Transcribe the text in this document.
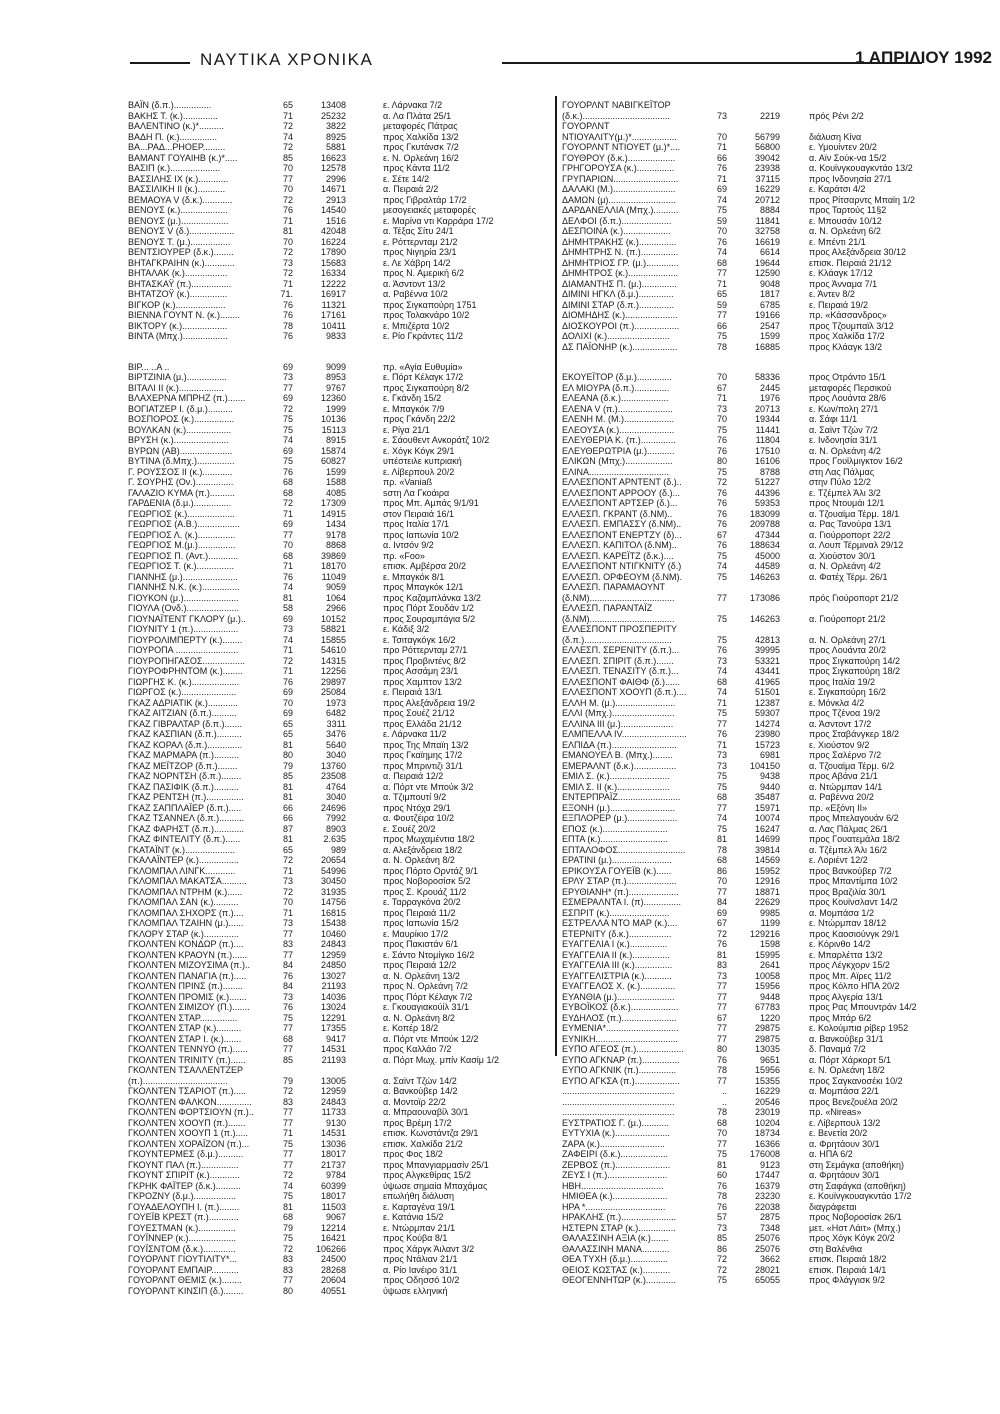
ΝΑΥΤΙΚΑ ΧΡΟΝΙΚΑ	1 ΑΠΡΙΛΙΟΥ 1992
ΒΑΪΝ (δ.π.)...............	65	13408	ε. Λάρνακα 7/2
ΒΑΚΗΣ Τ. (κ.)..............	71	25232	α. Λα Πλάτα 25/1
ΒΑΛΕΝΤΙΝΟ (κ.)*..........	72	3822	μεταφορές Πάτρας
ΒΑΔΗ Π. (κ.)...............	74	8925	προς Χαλκίδα 13/2
ΒΑ...ΡΑΔ...ΡΗΟΕΡ.........	72	5881	προς Γκυτάνσκ 7/2
ΒΑΜΑΝΤ ΓΟΥΑΙΗΒ (κ.)*.....	85	16623	ε. Ν. Ορλεάνη 16/2
ΒΑΣΙΠ (κ.)....................	70	12578	προς Κάντα 11/2
ΒΑΣΣΙΛΗΣ ΙΧ (κ.)............	77	2996	ε. Σέτε 14/2
ΒΑΣΣΙΛΙΚΗ ΙΙ (κ.)...........	70	14671	α. Πειραιά 2/2
ΒΕΜΑΟΥΑ V (δ.κ.)............	72	2913	προς Γιβραλτάρ 17/2
ΒΕΝΟΥΣ (κ.)...................	76	14540	μεσογειακές μεταφορές
ΒΕΝΟΥΣ (μ.)...................	71	1516	ε. Μαρίνα ντι Καρράρα 17/2
ΒΕΝΟΥΣ V (δ.)..................	81	42048	α. Τέξας Σίτυ 24/1
ΒΕΝΟΥΣ Τ. (μ.)................	70	16224	ε. Ρόττερνταμ 21/2
ΒΕΝΤΣΙΟΥΡΕΡ (δ.κ.)........	72	17890	προς Νιγηρία 23/1
ΒΗΤΑΓΚΡΑΙΗΝ (κ.)............	73	15683	ε. Λε Χάβρη 14/2
ΒΗΤΑΛΑΚ (κ.).................	72	16334	προς Ν. Αμερική 6/2
ΒΗΤΑΣΚΑΫ (π.)................	71	12222	α. Άσντοντ 13/2
ΒΗΤΑΤΖΟΫ (κ.)...............	71.	16917	α. Ραβέννα 10/2
ΒΙΓΚΟΡ (κ.)....................	76	11321	προς Σιγκαπούρη 1751
ΒΙΕΝΝΑ ΓΟΥΝΤ Ν. (κ.)........	76	17161	προς Τολακνάρο 10/2
ΒΙΚΤΟΡΥ (κ.)..................	78	10411	ε. Μπιζέρτα 10/2
ΒΙΝΤΑ (Μπχ.)..................	76	9833	ε. Ρίο Γκράντες 11/2
ΒΙΡ... ..Α ..	69	9099	πρ. «Αγία Ευθυμία»
ΒΙΡΤΖΙΝΙΑ (μ.)................	73	8953	ε. Πόρτ Κέλαγκ 17/2
ΒΙΤΑΛΙ ΙΙ (κ.)..................	77	9767	προς Σιγκαπούρη 8/2
ΒΛΑΧΕΡΝΑ ΜΠΡΗΖ (π.).......	69	12360	ε. Γκάνδη 15/2
ΒΟΓΙΑΤΖΕΡ Ι. (δ.μ.)..........	72	1999	ε. Μπαγκόκ 7/9
ΒΟΣΠΟΡΟΣ (κ.)................	75	10136	προς Γκάνδη 22/2
ΒΟΥΛΚΑΝ (κ.)..................	75	15113	ε. Ρίγα 21/1
ΒΡΥΣΗ (κ.)......................	74	8915	ε. Σάουθεντ Ανκοράτζ 10/2
ΒΥΡΩΝ (ΑΒ).....................	69	15874	ε. Χόγκ Κόγκ 29/1
ΒΥΤΙΝΑ (δ.Μπχ.)...............	75	60827	υπέστειλε κυπριακή
Γ. ΡΟΥΣΣΟΣ ΙΙ (κ.)............	76	1599	ε. Λίβερπουλ 20/2
Γ. ΣΟΥΡΗΣ (Ον.)...............	68	1588	πρ. «Vaniaß
ΓΑΛΑΖΙΟ ΚΥΜΑ (π.)..........	68	4085	sστη Λα Γκοάιρα
ΓΑΡΔΕΝΙΑ (δ.μ.)...............	72	17309	προς Μπ. Αμπάς 9/1/91
ΓΕΩΡΓΙΟΣ (κ.)...................	71	14915	στον Πειραιά 16/1
ΓΕΩΡΓΙΟΣ (Α.Β.).................	69	1434	προς Ιταλία 17/1
ΓΕΩΡΓΙΟΣ Λ. (κ.)...............	77	9178	προς Ιαπωνία 10/2
ΓΕΩΡΓΙΟΣ Μ.(μ.)...............	70	8868	α. Ιντσόν 9/2
ΓΕΩΡΓΙΟΣ Π. (Αντ.)............	68	39869	πρ. «Foo»
ΓΕΩΡΓΙΟΣ Τ. (κ.)...............	71	18170	επισκ. Αμβέρσα 20/2
ΓΙΑΝΝΗΣ (μ.)......................	76	11049	ε. Μπαγκόκ 8/1
ΓΙΑΝΝΗΣ Ν.Κ. (κ.)...............	74	9059	προς Μπαγκόκ 12/1
ΓΙΟΥΚΟΝ (μ.)......................	81	1064	προς Καζαμπλάνκα 13/2
ΓΙΟΥΛΑ (Ονδ.).....................	58	2966	προς Πόρτ Σουδάν 1/2
ΓΙΟΥΝΑΪΤΕΝΤ ΓΚΛΟΡΥ (μ.)..	69	10152	προς Σουραμπάγια 5/2
ΓΙΟΥΝΙΤΥ 1 (π.)..................	73	58821	ε. Κάδιξ 3/2
ΓΙΟΥΡΟΛΙΜΠΕΡΤΥ (κ.)........	74	15855	ε. Τσιταγκόγκ 16/2
ΓΙΟΥΡΟΠΑ .........................	71	54610	προ Ρόττερνταμ 27/1
ΓΙΟΥΡΟΠΗΓΑΣΟΣ.................	72	14315	προς Προβιντένς 8/2
ΓΙΟΥΡΟΦΡΗΝΤΟΜ (κ.)........	71	12256	προς Ασσάμη 23/1
ΓΙΩΡΓΗΣ Κ. (κ.)...................	76	29897	προς Χαμπτον 13/2
ΓΙΩΡΓΟΣ (κ.)......................	69	25084	ε. Πειραιά 13/1
ΓΚΑΖ ΑΔΡΙΑΤΙΚ (κ.)............	70	1973	προς Αλεξάνδρεια 19/2
ΓΚΑΖ ΑΙΤΖΙΑΝ (δ.π.)..........	69	6482	προς Σουέζ 21/12
ΓΚΑΖ ΓΙΒΡΑΛΤΑΡ (δ.π.).......	65	3311	προς Ελλάδα 21/12
ΓΚΑΖ ΚΑΣΠΙΑΝ (δ.π.)..........	65	3476	ε. Λάρνακα 11/2
ΓΚΑΖ ΚΟΡΑΛ (δ.π.)..............	81	5640	προς Της Μπαϊη 13/2
ΓΚΑΖ ΜΑΡΜΑΡΑ (π.)..........	80	3040	προς Γκαϊημης 17/2
ΓΚΑΖ ΜΕΪΤΖΟΡ (δ.π.)........	79	13760	προς Μπριντιζι 31/1
ΓΚΑΖ ΝΟΡΝΤΣΗ (δ.π.)........	85	23508	α. Πειραιά 12/2
ΓΚΑΖ ΠΑΣΙΦΙΚ (δ.π.)..........	81	4764	α. Πόρτ ντε Μπούκ 3/2
ΓΚΑΖ ΡΕΝΤΣΗ (π.)...............	81	3040	α. Τζιμπουτί 9/2
ΓΚΑΖ ΣΑΠΠΛΑΪΕΡ (δ.π.).....	66	24696	προς Ντόχα 29/1
ΓΚΑΖ ΤΣΑΝΝΕΛ (δ.π.)..........	66	7992	α. Φουτζέιρα 10/2
ΓΚΑΖ ΦΑΡΗΣΤ (δ.π.)............	87	8903	ε. Σουέζ 20/2
ΓΚΑΖ ΦΙΝΤΕΛΙΤΥ (δ.π.)......	81	2.635	προς Μωχαμέντια 18/2
ΓΚΑΤΑΪΝΤ (κ.)....................	65	989	α. Αλεξάνδρεια 18/2
ΓΚΑΛΑΪΝΤΕΡ (κ.)................	72	20654	α. Ν. Ορλεάνη 8/2
ΓΚΛΟΜΠΑΛ ΛΙΝΓΚ............	71	54996	προς Πόρτο Ορντάζ 9/1
ΓΚΛΟΜΠΑΛ ΜΑΚΑΤΣΑ..........	73	30450	προς Νοβοροσίσκ 5/2
ΓΚΛΟΜΠΑΛ ΝΤΡΗΜ (κ.)......	72	31935	προς Σ. Κρουάζ 11/2
ΓΚΛΟΜΠΑΛ ΣΑΝ (κ.)..........	70	14756	ε. Ταρραγκόνα 20/2
ΓΚΛΟΜΠΑΛ ΣΗΧΟΡΣ (π.)....	71	16815	προς Πειραιά 11/2
ΓΚΛΟΜΠΑΛ ΤΖΑΙΗΝ (μ.)......	73	15438	προς Ιαπωνία 15/2
ΓΚΛΟΡΥ ΣΤΑΡ (κ.)..............	77	10460	ε. Μαυρίκιο 17/2
ΓΚΟΛΝΤΕΝ ΚΟΝΔΩΡ (π.)....	83	24843	προς Πακιστάν 6/1
ΓΚΟΛΝΤΕΝ ΚΡΑΟΥΝ (π.)......	77	12959	ε. Σάντο Ντομίγκο 16/2
ΓΚΟΛΝΤΕΝ ΜΙΖΟΥΣΙΜΑ (π.)..	84	24850	προς Πειραιά 12/2
ΓΚΟΛΝΤΕΝ ΠΑΝΑΓΙΑ (π.).....	76	13027	α. Ν. Ορλεάνη 13/2
ΓΚΟΛΝΤΕΝ ΠΡΙΝΣ (π.)........	84	21193	προς Ν. Ορλεάνη 7/2
ΓΚΟΛΝΤΕΝ ΠΡΟΜΙΣ (κ.).......	73	14036	προς Πόρτ Κέλαγκ 7/2
ΓΚΟΛΝΤΕΝ ΣΙΜΙΖΟΥ (Π.).......	76	13024	ε. Γκουαγιακούίλ 31/1
ΓΚΟΛΝΤΕΝ ΣΤΑΡ...............	75	12291	α. Ν. Ορλεάνη 8/2
ΓΚΟΛΝΤΕΝ ΣΤΑΡ (κ.)..........	77	17355	ε. Κοπέρ 18/2
ΓΚΟΛΝΤΕΝ ΣΤΑΡ Ι. (κ.).......	68	9417	α. Πόρτ ντε Μπούκ 12/2
ΓΚΟΛΝΤΕΝ ΤΕΝΝΥΟ (π.)......	77	14531	προς Καλλάο 7/2
ΓΚΟΛΝΤΕΝ TRINITY (π.)......	85	21193	α. Πόρτ Μωχ. μπίν Κασίμ 1/2
ΓΚΟΛΝΤΕΝ ΤΣΑΛΛΕΝΤΖΕΡ
(π.)..................................	79	13005	α. Σαϊντ Τζών 14/2
ΓΚΟΛΝΤΕΝ ΤΣΑΡΙΟΤ (π.).....	72	12959	α. Βανκούβερ 14/2
ΓΚΟΛΝΤΕΝ ΦΑΛΚΟΝ..............	83	24843	α. Μοντοϊρ 22/2
ΓΚΟΛΝΤΕΝ ΦΟΡΤΣΙΟΥΝ (π.)..	77	11733	α. Μπραουναβίλ 30/1
ΓΚΟΛΝΤΕΝ ΧΟΟΥΠ (π.).......	77	9130	προς Βρέμη 17/2
ΓΚΟΛΝΤΕΝ ΧΟΟΥΠ 1 (π.).....	71	14531	επισκ. Κωνστάντζα 29/1
ΓΚΟΛΝΤΕΝ ΧΟΡΑΪΖΟΝ (π.)...	75	13036	επισκ. Χαλκίδα 21/2
ΓΚΟΥΝΤΕΡΜΕΣ (δ.μ.)..........	77	18017	προς Φος 18/2
ΓΚΟΥΝΤ ΠΑΛ (π.)...............	77	21737	προς Μπανγιαρμασίν 25/1
ΓΚΟΥΝΤ ΣΠΙΡΙΤ (κ.)............	72	9784	προς Αλγκεθίρας 15/2
ΓΚΡΗΚ ΦΑΪΤΕΡ (δ.κ.)..........	74	60399	ύψωσε σημαία Μπαχάμας
ΓΚΡΟΖΝΥ (δ.μ.).................	75	18017	επωλήθη διάλυση
ΓΟΥΑΔΕΛΟΥΠΗ Ι. (π.)........	81	11503	ε. Καρταγένα 19/1
ΓΟΥΕΪΒ ΚΡΕΣΤ (π.)............	68	9067	ε. Κατάνια 15/2
ΓΟΥΕΣΤΜΑΝ (κ.)...............	79	12214	ε. Ντώρμπαν 21/1
ΓΟΥΪΝΝΕΡ (κ.)...................	75	16421	προς Κούβα 8/1
ΓΟΥΪΣΝΤΟΜ (δ.κ.).............	72	106266	προς Χάργκ Άιλαντ 3/2
ΓΟΥΟΡΛΝΤ ΓΙΟΥΤΙΛΙΤΥ*...	83	24500	προς Ντάλιαν 21/1
ΓΟΥΟΡΛΝΤ ΕΜΠΑΙΡ...........	83	28268	α. Ρίο Ιανέιρο 31/1
ΓΟΥΟΡΛΝΤ ΘΕΜΙΣ (κ.)........	77	20604	προς Οδησσό 10/2
ΓΟΥΟΡΛΝΤ ΚΙΝΣΙΠ (δ.)........	80	40551	ύψωσε ελληνική
ΓΟΥΟΡΛΝΤ ΝΑΒΙΓΚΕΪΤΟΡ
(δ.κ.)...................................	73	2219	πρός Ρένι 2/2
ΓΟΥΟΡΛΝΤ
ΝΤΙΟΥΑΛΙΤΥ(μ.)*..................	70	56799	διάλυση Κίνα
ΓΟΥΟΡΛΝΤ ΝΤΙΟΥΕΤ (μ.)*....	71	56800	ε. Υμουίντεν 20/2
ΓΟΥΘΡΟΥ (δ.κ.)...................	66	39042	α. Αϊν Σούκ-να 15/2
ΓΡΗΓΟΡΟΥΣΑ (κ.)...............	76	23938	α. Κουϊνγκουαγκντάο 13/2
ΓΡΥΠΑΡΙΩΝ..........................	71	37115	προς Ινδονησία 27/1
ΔΑΛΑΚΙ (Μ.).........................	69	16229	ε. Καράτσι 4/2
ΔΑΜΩΝ (μ)...........................	74	20712	προς Ρίτσαρντς Μπαϊη 1/2
ΔΑΡΔΑΝΕΛΛΙΑ (Μπχ.)..........	75	8884	προς Ταρτούς 11§2
ΔΕΛΦΟΙ (δ.π.)....................	59	11841	ε. Μπουσάν 10/12
ΔΕΣΠΟΙΝΑ (κ.)...................	70	32758	α. Ν. Ορλεάνη 6/2
ΔΗΜΗΤΡΑΚΗΣ (κ.)...............	76	16619	ε. Μπέντι 21/1
ΔΗΜΗΤΡΗΣ Ν. (π.)...............	74	6614	προς Αλεξάνδρεια 30/12
ΔΗΜΗΤΡΙΟΣ ΓΡ. (μ.).............	68	19644	επισκ. Πειραιά 21/12
ΔΗΜΗΤΡΟΣ (κ.)....................	77	12590	ε. Κλάαγκ 17/12
ΔΙΑΜΑΝΤΗΣ Π. (μ.)..............	71	9048	προς Άνναμα 7/1
ΔΙΜΙΝΙ ΗΓΚΛ (δ.μ.)..............	65	1817	ε. Άντεν 8/2
ΔΙΜΙΝΙ ΣΤΑΡ (δ.π.)..............	59	6785	ε. Πειραιά 19/2
ΔΙΟΜΗΔΗΣ (κ.).....................	77	19166	πρ. «Κάσσανδρος»
ΔΙΟΣΚΟΥΡΟΙ (π.)..................	66	2547	προς Τζουμπαϊλ 3/12
ΔΟΛΙΧΙ (κ.).........................	75	1599	προς Χαλκίδα 17/2
ΔΣ ΠΑΪΟΝΗΡ (κ.)..................	78	16885	προς Κλάαγκ 13/2
ΕΚΟΥΕΪΤΟΡ (δ.μ.)..............	70	58336	προς Οτράντο 15/1
ΕΛ ΜΙΟΥΡΑ (δ.π.)..............	67	2445	μεταφορές Περσικού
ΕΛΕΑΝΑ (δ.κ.)...................	71	1976	προς Λουάντα 28/6
ΕΛΕΝΑ V (π.)......................	73	20713	ε. Κων/πολη 27/1
ΕΛΕΝΗ Μ. (Μ.)....................	70	19344	α. Σάφι 11/1
ΕΛΕΟΥΣΑ (κ.)......................	75	11441	α. Σαϊντ Τζών 7/2
ΕΛΕΥΘΕΡΙΑ Κ. (π.)..............	76	11804	ε. Ινδονησία 31/1
ΕΛΕΥΘΕΡΩΤΡΙΑ (μ.)...........	76	17510	α. Ν. Ορλεάνη 4/2
ΕΛΙΚΩΝ (Μπχ.)...................	80	16106	προς Γουϊλμιγκτον 16/2
ΕΛΙΝΑ................................	75	8788	στη Λας Πάλμας
ΕΛΛΕΣΠΟΝΤ ΑΡΝΤΕΝΤ (δ.)..	72	51227	στην Πύλο 12/2
ΕΛΛΕΣΠΟΝΤ ΑΡΡΟΟΥ (δ.)...	76	44396	ε. Τζέμπελ Άλι 3/2
ΕΛΛΕΣΠΟΝΤ ΑΡΤΣΕΡ (δ.)...	76	59353	προς Ντουμάι 12/1
ΕΛΛΕΣΠ. ΓΚΡΑΝΤ (δ.ΝΜ)..	76	183099	α. Τζουαϊμα Τέρμ. 18/1
ΕΛΛΕΣΠ. ΕΜΠΑΣΣΥ (δ.ΝΜ)..	76	209788	α. Ρας Τανούρα 13/1
ΕΛΛΕΣΠΟΝΤ ΕΝΕΡΤΖΥ (δ)...	67	47344	α. Γιούρροπορτ 22/2
ΕΛΛΕΣΠ. ΚΑΠΙΤΟΛ (δ.ΝΜ)..	76	188634	α. Λουπ Τέρμιναλ 29/12
ΕΛΛΕΣΠ. ΚΑΡΕΪΤΖ (δ.κ.)....	75	45000	α. Χιούστον 30/1
ΕΛΛΕΣΠΟΝΤ ΝΤΙΓΚΝΙΤΥ (δ.)	74	44589	α. Ν. Ορλεάνη 4/2
ΕΛΛΕΣΠ. ΟΡΦΕΟΥΜ (δ.ΝΜ).	75	146263	α. Φατέχ Τέρμ. 26/1
ΕΛΛΕΣΠ. ΠΑΡΑΜΑΟΥΝΤ
(δ.ΝΜ)..................................	77	173086	πρός Γιούροπορτ 21/2
ΕΛΛΕΣΠ. ΠΑΡΑΝΤΑΪΖ
(δ.ΝΜ)..................................	75	146263	α. Γιούροπορτ 21/2
ΕΛΛΕΣΠΟΝΤ ΠΡΟΣΠΕΡΙΤΥ
(δ.π.)...................................	75	42813	α. Ν. Ορλεάνη 27/1
ΕΛΛΕΣΠ. ΣΕΡΕΝΙΤΥ (δ.π.)...	76	39995	προς Λουάντα 20/2
ΕΛΛΕΣΠ. ΣΠΙΡΙΤ (δ.π.).......	73	53321	προς Σιγκαπούρη 14/2
ΕΛΛΕΣΠ. ΤΕΝΑΣΙΤΥ (δ.π.)...	74	43441	προς Σιγκαπούρη 18/2
ΕΛΛΕΣΠΟΝΤ ΦΑΙΘΦ (δ.)......	68	41965	προς Ιταλία 19/2
ΕΛΛΕΣΠΟΝΤ ΧΟΟΥΠ (δ.π.)....	74	51501	ε. Σιγκαπούρη 16/2
ΕΛΛΗ Μ. (μ.)........................	71	12387	ε. Μόνκλα 4/2
ΕΛΛΙ (Μπχ.).........................	75	59307	προς Τζένοα 19/2
ΕΛΛΙΝΑ ΙΙΙ (μ.).....................	77	14274	α. Άσντοντ 17/2
ΕΛΜΠΕΛΛΑ IV..........................	76	23980	προς Σταβάνγκερ 18/2
ΕΛΠΙΔΑ (π.)..........................	71	15723	ε. Χιούστον 9/2
ΕΜΑΝΟΥΕΛ Β. (Μπχ.)........	73	6981	προς Σαλέρνο 7/2
ΕΜΕΡΑΛΝΤ (δ.κ.).................	73	104150	α. Τζουαϊμα Τέρμ. 6/2
ΕΜΙΛ Σ. (κ.)........................	75	9438	προς Αβάνα 21/1
ΕΜΙΛ Σ. ΙΙ (κ.).....................	75	9440	α. Ντώρμπαν 14/1
ΕΝΤΕΡΠΡΑΪΖ.........................	68	35487	α. Ραβέννα 20/2
ΕΞΟΝΗ (μ.)..........................	77	15971	πρ. «Εξόνη ΙΙ»
ΕΞΠΛΟΡΕΡ (μ.)....................	74	10074	προς Μπελαγουάν 6/2
ΕΠΟΣ (κ.)..........................	75	16247	α. Λας Πάλμας 26/1
ΕΠΤΑ (κ.)...........................	81	14699	προς Γουατεμάλα 18/2
ΕΠΤΑΛΟΦΟΣ...........................	78	39814	α. Τζέμπελ Άλι 16/2
ΕΡΑΤΙΝΙ (μ.)........................	68	14569	ε. Λοριέντ 12/2
ΕΡΙΚΟΥΣΑ ΓΟΥΕΪΒ (κ.)......	86	15952	προς Βανκούβερ 7/2
ΕΡΛΥ ΣΤΑΡ (π.)....................	70	12916	προς Μπαντίμπα 10/2
ΕΡΥΘΙΑΝΗ* (π.)....................	77	18871	προς Βραζιλία 30/1
ΕΣΜΕΡΑΛΝΤΑ Ι. (π)...............	84	22629	προς Κουϊνσλαντ 14/2
ΕΣΠΡΙΤ (κ.)........................	69	9985	α. Μομπάσα 1/2
ΕΣΤΡΕΛΛΑ ΝΤΟ ΜΑΡ (κ.)....	67	1199	ε. Ντώρμπαν 18/12
ΕΤΕΡΝΙΤΥ (δ.κ.).................	72	129216	προς Καοσιούνγκ 29/1
ΕΥΑΓΓΕΛΙΑ Ι (κ.)...............	76	1598	ε. Κόρινθο 14/2
ΕΥΑΓΓΕΛΙΑ ΙΙ (κ.)...............	81	15995	ε. Μπαρλέττα 13/2
ΕΥΑΓΓΕΛΙΑ ΙΙΙ (κ.)...............	83	2641	προς Λέγκχορν 15/2
ΕΥΑΓΓΕΛΙΣΤΡΙΑ (κ.)...........	73	10058	προς Μπ. Αϊρες 11/2
ΕΥΑΓΓΕΛΟΣ Χ. (κ.)..............	77	15956	προς Κόλπο ΗΠΑ 20/2
ΕΥΑΝΘΙΑ (μ.).......................	77	9448	προς Αλγερία 13/1
ΕΥΒΟΪΚΟΣ (δ.κ.)...................	77	67783	προς Ρας Μπουντράν 14/2
ΕΥΔΗΛΟΣ (π.)......................	67	1220	προς Μπάρ 6/2
ΕΥΜΕΝΙΑ*.............................	77	29875	ε. Κολούμπια ρίβερ 1952
ΕΥΝΙΚΗ.................................	77	29875	α. Βανκούβερ 31/1
ΕΥΠΟ ΑΓΕΟΣ (π.)...................	80	13035	δ. Παναμά 7/2
ΕΥΠΟ ΑΓΚΝΑΡ (π.)...............	76	9651	α. Πόρτ Χάρκορτ 5/1
ΕΥΠΟ ΑΓΚΝΙΚ (π.)...............	78	15956	ε. Ν. Ορλεάνη 18/2
ΕΥΠΟ ΑΓΚΣΑ (π.)..................	77	15355	προς Σαγκανοσέκι 10/2
.............................................	..	16229	α. Μομπάσα 22/1
.............................................	..	20546	προς Βενεζουέλα 20/2
.............................................	78	23019	πρ. «Nireas»
ΕΥΣΤΡΑΤΙΟΣ Γ. (μ.)...........	68	10204	ε. Λίβερπουλ 13/2
ΕΥΤΥΧΙΑ (κ.)......................	70	18734	ε. Βενετία 20/2
ΖΑΡΑ (κ.)..........................	77	16366	α. Φρητάουν 30/1
ΖΑΦΕΙΡΙ (δ.κ.)...................	75	176008	α. ΗΠΑ 6/2
ΖΕΡΒΟΣ (π.)......................	81	9123	στη Σεμάγκα (αποθήκη)
ΖΕΥΣ Ι (π.)........................	60	17447	α. Φρητάουν 30/1
ΗΒΗ.................................	76	16379	στη Σαφάγκα (αποθήκη)
ΗΜΙΘΕΑ (κ.)......................	78	23230	ε. Κουϊνγκουαγκντάο 17/2
ΗΡΑ *................................	76	22038	διαγράφεται
ΗΡΑΚΛΗΣ (π.)......................	57	2875	προς Νοβοροσίσκ 26/1
ΗΣΤΕΡΝ ΣΤΑΡ (κ.)...............	73	7348	μετ. «Ηστ Λάιτ» (Μπχ.)
ΘΑΛΑΣΣΙΝΗ ΑΞΙΑ (κ.).......	85	25076	προς Χόγκ Κόγκ 20/2
ΘΑΛΑΣΣΙΝΗ ΜΑΝΑ...........	86	25076	στη Βαλένθια
ΘΕΑ ΤΥΧΗ (δ.μ.)...............	72	3662	επισκ. Πειραιά 18/2
ΘΕΙΟΣ ΚΩΣΤΑΣ (κ.)...........	72	28021	επισκ. Πειραιά 14/1
ΘΕΟΓΕΝΝΗΤΩΡ (κ.)............	75	65055	προς Φλάγγισκ 9/2
